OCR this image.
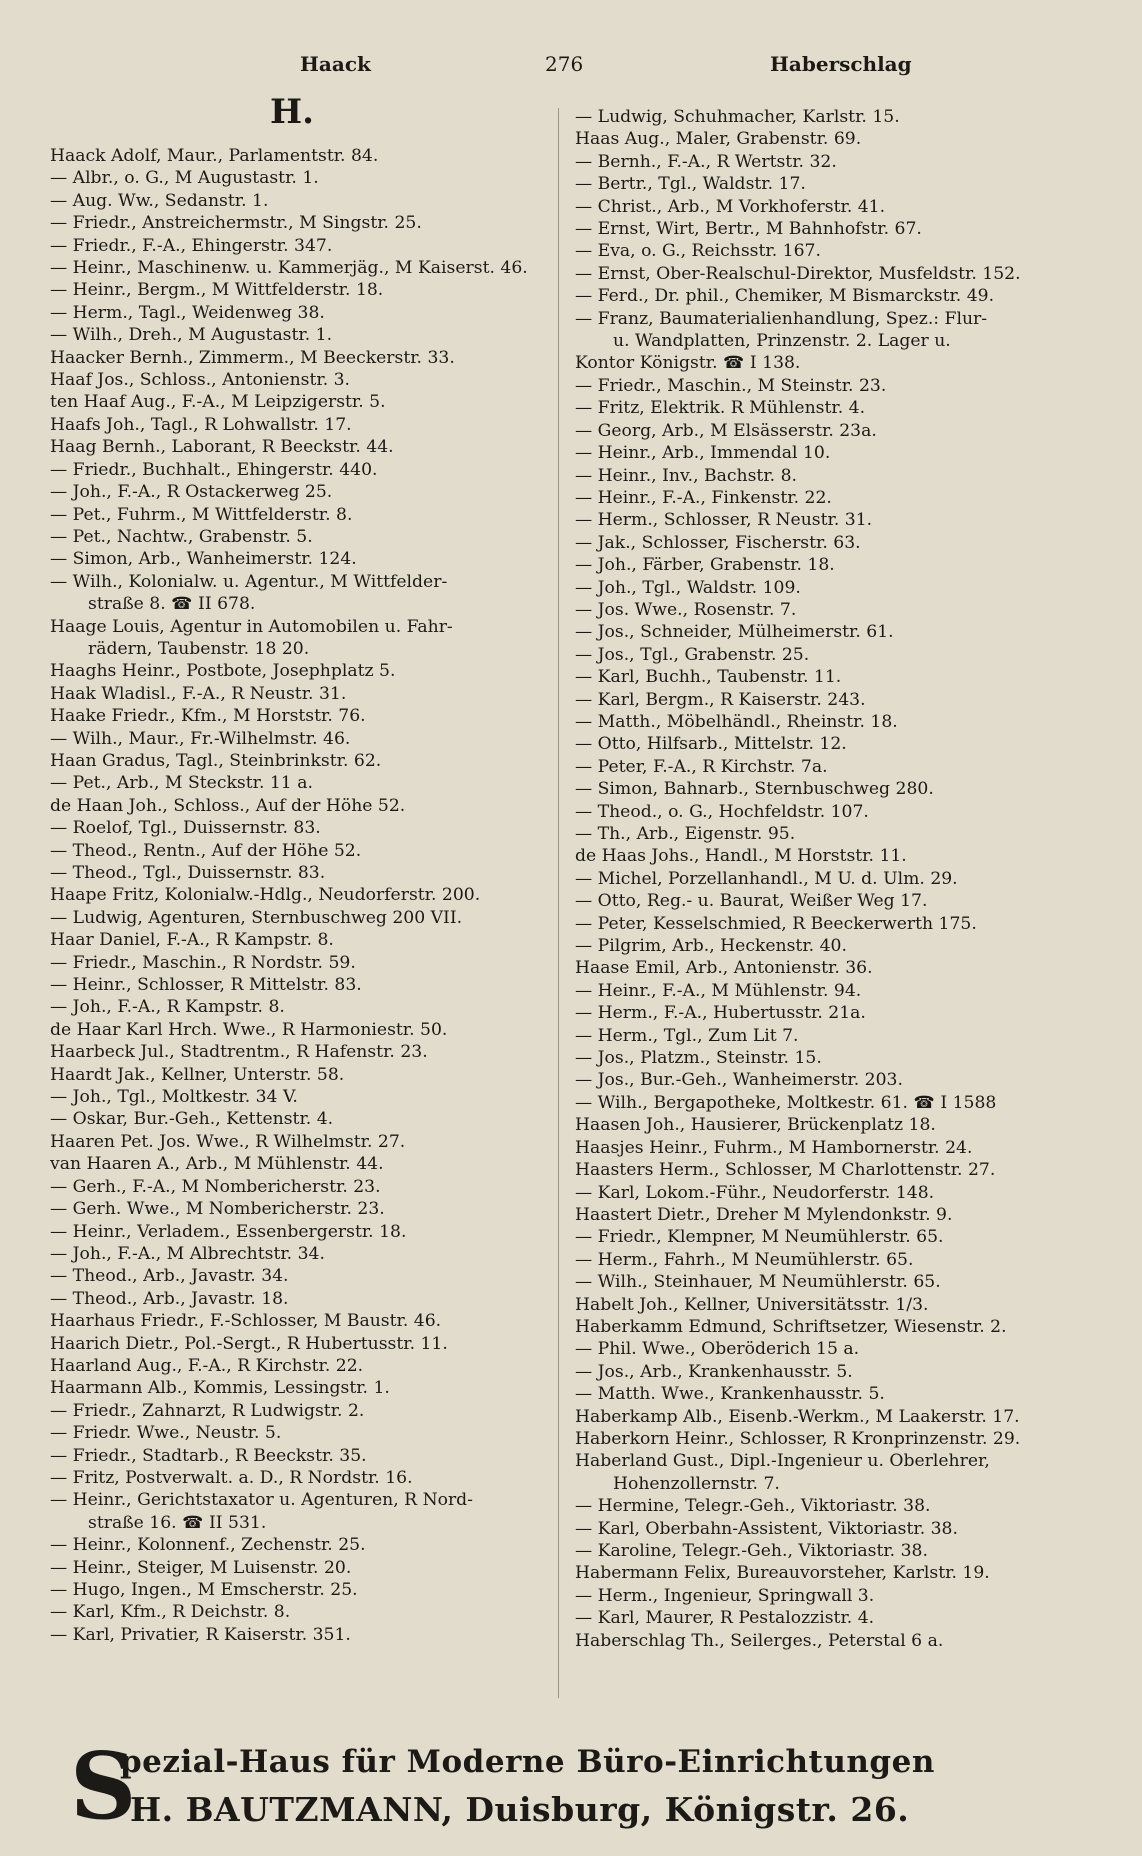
Haack	276	Haberschlag
H.
Haack Adolf, Maur., Parlamentstr. 84.
— Albr., o. G., M Augustastr. 1.
— Aug. Ww., Sedanstr. 1.
— Friedr., Anstreichermstr., M Singstr. 25.
— Friedr., F.-A., Ehingerstr. 347.
— Heinr., Maschinenw. u. Kammerjäg., M Kaiserst. 46.
— Heinr., Bergm., M Wittfelderstr. 18.
— Herm., Tagl., Weidenweg 38.
— Wilh., Dreh., M Augustastr. 1.
Haacker Bernh., Zimmerm., M Beeckerstr. 33.
Haaf Jos., Schloss., Antonienstr. 3.
ten Haaf Aug., F.-A., M Leipzigerstr. 5.
Haafs Joh., Tagl., R Lohwallstr. 17.
Haag Bernh., Laborant, R Beeckstr. 44.
— Friedr., Buchhalt., Ehingerstr. 440.
— Joh., F.-A., R Ostackerweg 25.
— Pet., Fuhrm., M Wittfelderstr. 8.
— Pet., Nachtw., Grabenstr. 5.
— Simon, Arb., Wanheimerstr. 124.
— Wilh., Kolonialw. u. Agentur., M Wittfelder-
straße 8. ☎ II 678.
Haage Louis, Agentur in Automobilen u. Fahr-
rädern, Taubenstr. 18 20.
Haaghs Heinr., Postbote, Josephplatz 5.
Haak Wladisl., F.-A., R Neustr. 31.
Haake Friedr., Kfm., M Horststr. 76.
— Wilh., Maur., Fr.-Wilhelmstr. 46.
Haan Gradus, Tagl., Steinbrinkstr. 62.
— Pet., Arb., M Steckstr. 11 a.
de Haan Joh., Schloss., Auf der Höhe 52.
— Roelof, Tgl., Duissernstr. 83.
— Theod., Rentn., Auf der Höhe 52.
— Theod., Tgl., Duissernstr. 83.
Haape Fritz, Kolonialw.-Hdlg., Neudorferstr. 200.
— Ludwig, Agenturen, Sternbuschweg 200 VII.
Haar Daniel, F.-A., R Kampstr. 8.
— Friedr., Maschin., R Nordstr. 59.
— Heinr., Schlosser, R Mittelstr. 83.
— Joh., F.-A., R Kampstr. 8.
de Haar Karl Hrch. Wwe., R Harmoniestr. 50.
Haarbeck Jul., Stadtrentm., R Hafenstr. 23.
Haardt Jak., Kellner, Unterstr. 58.
— Joh., Tgl., Moltkestr. 34 V.
— Oskar, Bur.-Geh., Kettenstr. 4.
Haaren Pet. Jos. Wwe., R Wilhelmstr. 27.
van Haaren A., Arb., M Mühlenstr. 44.
— Gerh., F.-A., M Nombericherstr. 23.
— Gerh. Wwe., M Nombericherstr. 23.
— Heinr., Verladem., Essenbergerstr. 18.
— Joh., F.-A., M Albrechtstr. 34.
— Theod., Arb., Javastr. 34.
— Theod., Arb., Javastr. 18.
Haarhaus Friedr., F.-Schlosser, M Baustr. 46.
Haarich Dietr., Pol.-Sergt., R Hubertusstr. 11.
Haarland Aug., F.-A., R Kirchstr. 22.
Haarmann Alb., Kommis, Lessingstr. 1.
— Friedr., Zahnarzt, R Ludwigstr. 2.
— Friedr. Wwe., Neustr. 5.
— Friedr., Stadtarb., R Beeckstr. 35.
— Fritz, Postverwalt. a. D., R Nordstr. 16.
— Heinr., Gerichtstaxator u. Agenturen, R Nord-
straße 16. ☎ II 531.
— Heinr., Kolonnenf., Zechenstr. 25.
— Heinr., Steiger, M Luisenstr. 20.
— Hugo, Ingen., M Emscherstr. 25.
— Karl, Kfm., R Deichstr. 8.
— Karl, Privatier, R Kaiserstr. 351.
— Ludwig, Schuhmacher, Karlstr. 15.
Haas Aug., Maler, Grabenstr. 69.
— Bernh., F.-A., R Wertstr. 32.
— Bertr., Tgl., Waldstr. 17.
— Christ., Arb., M Vorkhoferstr. 41.
— Ernst, Wirt, Bertr., M Bahnhofstr. 67.
— Eva, o. G., Reichsstr. 167.
— Ernst, Ober-Realschul-Direktor, Musfeldstr. 152.
— Ferd., Dr. phil., Chemiker, M Bismarckstr. 49.
— Franz, Baumaterialienhandlung, Spez.: Flur-
u. Wandplatten, Prinzenstr. 2. Lager u.
Kontor Königstr. ☎ I 138.
— Friedr., Maschin., M Steinstr. 23.
— Fritz, Elektrik. R Mühlenstr. 4.
— Georg, Arb., M Elsässerstr. 23a.
— Heinr., Arb., Immendal 10.
— Heinr., Inv., Bachstr. 8.
— Heinr., F.-A., Finkenstr. 22.
— Herm., Schlosser, R Neustr. 31.
— Jak., Schlosser, Fischerstr. 63.
— Joh., Färber, Grabenstr. 18.
— Joh., Tgl., Waldstr. 109.
— Jos. Wwe., Rosenstr. 7.
— Jos., Schneider, Mülheimerstr. 61.
— Jos., Tgl., Grabenstr. 25.
— Karl, Buchh., Taubenstr. 11.
— Karl, Bergm., R Kaiserstr. 243.
— Matth., Möbelhändl., Rheinstr. 18.
— Otto, Hilfsarb., Mittelstr. 12.
— Peter, F.-A., R Kirchstr. 7a.
— Simon, Bahnarb., Sternbuschweg 280.
— Theod., o. G., Hochfeldstr. 107.
— Th., Arb., Eigenstr. 95.
de Haas Johs., Handl., M Horststr. 11.
— Michel, Porzellanhandl., M U. d. Ulm. 29.
— Otto, Reg.- u. Baurat, Weißer Weg 17.
— Peter, Kesselschmied, R Beeckerwerth 175.
— Pilgrim, Arb., Heckenstr. 40.
Haase Emil, Arb., Antonienstr. 36.
— Heinr., F.-A., M Mühlenstr. 94.
— Herm., F.-A., Hubertusstr. 21a.
— Herm., Tgl., Zum Lit 7.
— Jos., Platzm., Steinstr. 15.
— Jos., Bur.-Geh., Wanheimerstr. 203.
— Wilh., Bergapotheke, Moltkestr. 61. ☎ I 1588
Haasen Joh., Hausierer, Brückenplatz 18.
Haasjes Heinr., Fuhrm., M Hambornerstr. 24.
Haasters Herm., Schlosser, M Charlottenstr. 27.
— Karl, Lokom.-Führ., Neudorferstr. 148.
Haastert Dietr., Dreher M Mylendonkstr. 9.
— Friedr., Klempner, M Neumühlerstr. 65.
— Herm., Fahrh., M Neumühlerstr. 65.
— Wilh., Steinhauer, M Neumühlerstr. 65.
Habelt Joh., Kellner, Universitätsstr. 1/3.
Haberkamm Edmund, Schriftsetzer, Wiesenstr. 2.
— Phil. Wwe., Oberöderich 15 a.
— Jos., Arb., Krankenhausstr. 5.
— Matth. Wwe., Krankenhausstr. 5.
Haberkamp Alb., Eisenb.-Werkm., M Laakerstr. 17.
Haberkorn Heinr., Schlosser, R Kronprinzenstr. 29.
Haberland Gust., Dipl.-Ingenieur u. Oberlehrer,
Hohenzollernstr. 7.
— Hermine, Telegr.-Geh., Viktoriastr. 38.
— Karl, Oberbahn-Assistent, Viktoriastr. 38.
— Karoline, Telegr.-Geh., Viktoriastr. 38.
Habermann Felix, Bureauvorsteher, Karlstr. 19.
— Herm., Ingenieur, Springwall 3.
— Karl, Maurer, R Pestalozzistr. 4.
Haberschlag Th., Seilerges., Peterstal 6 a.
S
pezial-Haus für Moderne Büro-Einrichtungen
H. BAUTZMANN, Duisburg, Königstr. 26.
